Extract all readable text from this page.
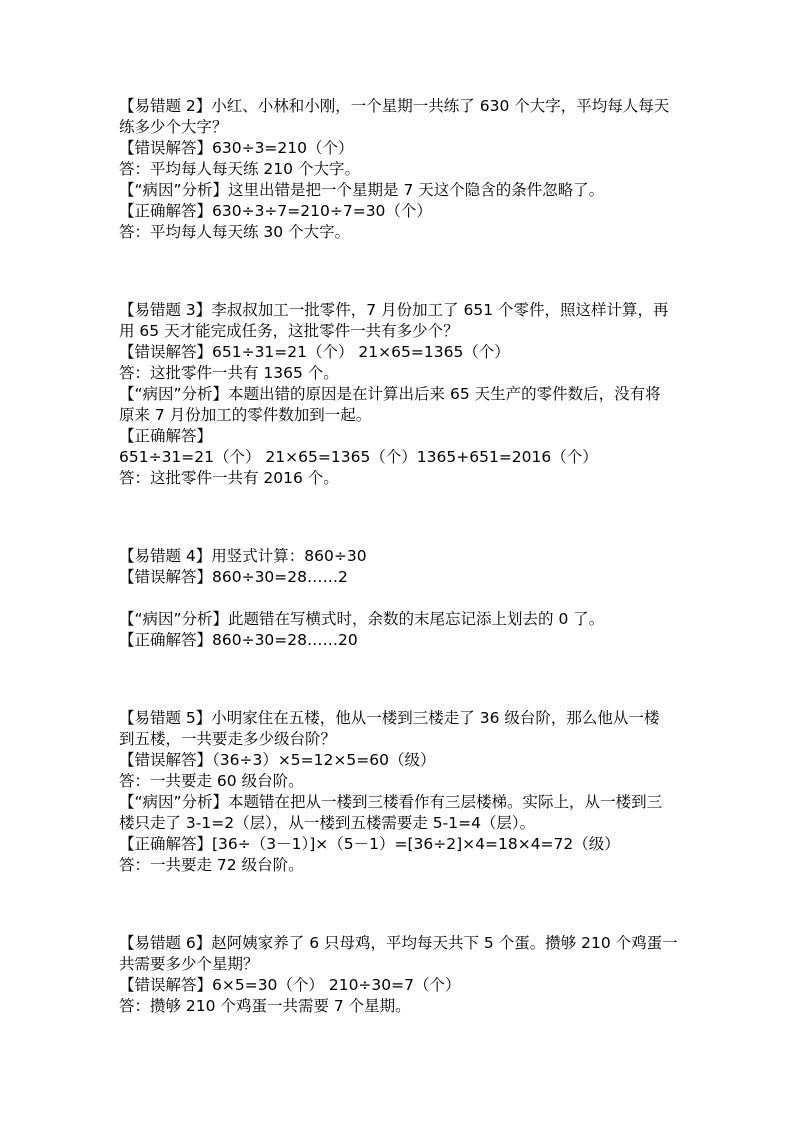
【易错题 2】小红、小林和小刚，一个星期一共练了 630 个大字，平均每人每天
练多少个大字？
【错误解答】630÷3=210（个）
答：平均每人每天练 210 个大字。
【“病因”分析】这里出错是把一个星期是 7 天这个隐含的条件忽略了。
【正确解答】630÷3÷7=210÷7=30（个）
答：平均每人每天练 30 个大字。
【易错题 3】李叔叔加工一批零件，7 月份加工了 651 个零件，照这样计算，再
用 65 天才能完成任务，这批零件一共有多少个？
【错误解答】651÷31=21（个） 21×65=1365（个）
答：这批零件一共有 1365 个。
【“病因”分析】本题出错的原因是在计算出后来 65 天生产的零件数后，没有将
原来 7 月份加工的零件数加到一起。
【正确解答】
651÷31=21（个） 21×65=1365（个）1365+651=2016（个）
答：这批零件一共有 2016 个。
【易错题 4】用竖式计算：860÷30
【错误解答】860÷30=28……2
【“病因”分析】此题错在写横式时，余数的末尾忘记添上划去的 0 了。
【正确解答】860÷30=28……20
【易错题 5】小明家住在五楼，他从一楼到三楼走了 36 级台阶，那么他从一楼
到五楼，一共要走多少级台阶？
【错误解答】（36÷3）×5=12×5=60（级）
答：一共要走 60 级台阶。
【“病因”分析】本题错在把从一楼到三楼看作有三层楼梯。实际上，从一楼到三
楼只走了 3-1=2（层），从一楼到五楼需要走 5-1=4（层）。
【正确解答】[36÷（3－1）]×（5－1）=[36÷2]×4=18×4=72（级）
答：一共要走 72 级台阶。
【易错题 6】赵阿姨家养了 6 只母鸡，平均每天共下 5 个蛋。攒够 210 个鸡蛋一
共需要多少个星期？
【错误解答】6×5=30（个） 210÷30=7（个）
答：攒够 210 个鸡蛋一共需要 7 个星期。
